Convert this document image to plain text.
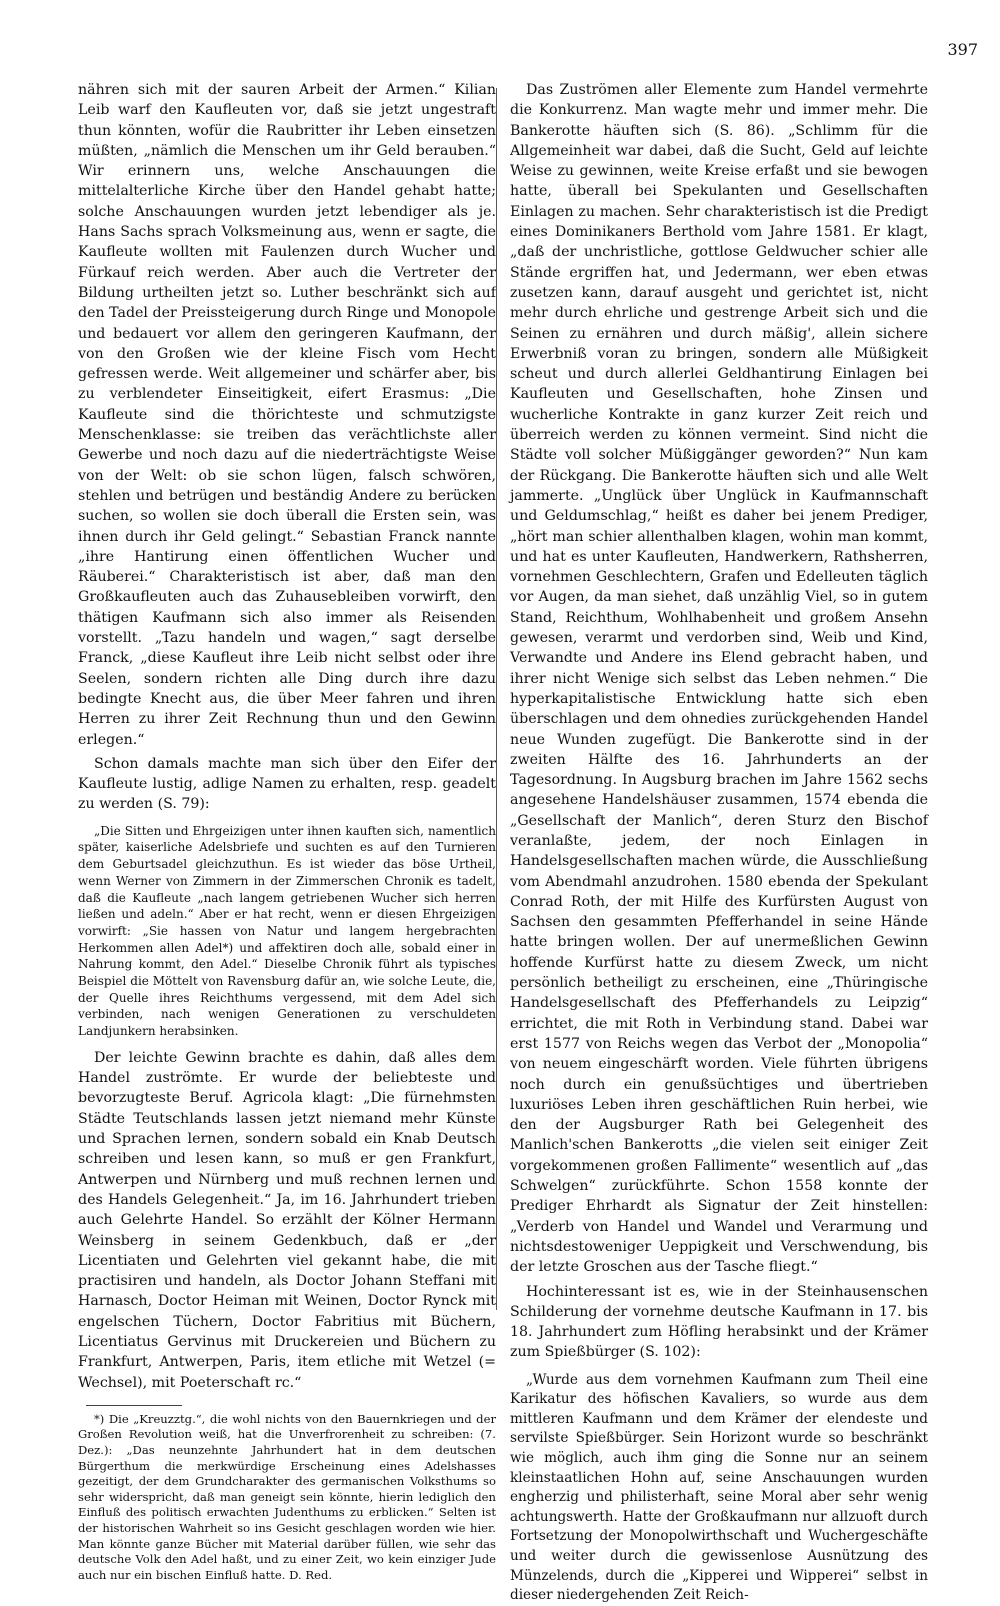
397

nähren sich mit der sauren Arbeit der Armen.“ Kilian Leib warf den Kaufleuten vor, daß sie jetzt ungestraft thun könnten, wofür die Raubritter ihr Leben einsetzen müßten, „nämlich die Menschen um ihr Geld berauben.“ Wir erinnern uns, welche Anschauungen die mittelalterliche Kirche über den Handel gehabt hatte; solche Anschauungen wurden jetzt lebendiger als je. Hans Sachs sprach Volksmeinung aus, wenn er sagte, die Kaufleute wollten mit Faulenzen durch Wucher und Fürkauf reich werden. Aber auch die Vertreter der Bildung urtheilten jetzt so. Luther beschränkt sich auf den Tadel der Preissteigerung durch Ringe und Monopole und bedauert vor allem den geringeren Kaufmann, der von den Großen wie der kleine Fisch vom Hecht gefressen werde. Weit allgemeiner und schärfer aber, bis zu verblendeter Einseitigkeit, eifert Erasmus: „Die Kaufleute sind die thörichteste und schmutzigste Menschenklasse: sie treiben das verächtlichste aller Gewerbe und noch dazu auf die niederträchtigste Weise von der Welt: ob sie schon lügen, falsch schwören, stehlen und betrügen und beständig Andere zu berücken suchen, so wollen sie doch überall die Ersten sein, was ihnen durch ihr Geld gelingt.“ Sebastian Franck nannte „ihre Hantirung einen öffentlichen Wucher und Räuberei.“ Charakteristisch ist aber, daß man den Großkaufleuten auch das Zuhausebleiben vorwirft, den thätigen Kaufmann sich also immer als Reisenden vorstellt. „Tazu handeln und wagen,“ sagt derselbe Franck, „diese Kaufleut ihre Leib nicht selbst oder ihre Seelen, sondern richten alle Ding durch ihre dazu bedingte Knecht aus, die über Meer fahren und ihren Herren zu ihrer Zeit Rechnung thun und den Gewinn erlegen.“

Schon damals machte man sich über den Eifer der Kaufleute lustig, adlige Namen zu erhalten, resp. geadelt zu werden (S. 79):

„Die Sitten und Ehrgeizigen unter ihnen kauften sich, namentlich später, kaiserliche Adelsbriefe und suchten es auf den Turnieren dem Geburtsadel gleichzuthun. Es ist wieder das böse Urtheil, wenn Werner von Zimmern in der Zimmerschen Chronik es tadelt, daß die Kaufleute „nach langem getriebenen Wucher sich herren ließen und adeln.“ Aber er hat recht, wenn er diesen Ehrgeizigen vorwirft: „Sie hassen von Natur und langem hergebrachten Herkommen allen Adel*) und affektiren doch alle, sobald einer in Nahrung kommt, den Adel.“ Dieselbe Chronik führt als typisches Beispiel die Möttelt von Ravensburg dafür an, wie solche Leute, die, der Quelle ihres Reichthums vergessend, mit dem Adel sich verbinden, nach wenigen Generationen zu verschuldeten Landjunkern herabsinken.

Der leichte Gewinn brachte es dahin, daß alles dem Handel zuströmte. Er wurde der beliebteste und bevorzugteste Beruf. Agricola klagt: „Die fürnehmsten Städte Teutschlands lassen jetzt niemand mehr Künste und Sprachen lernen, sondern sobald ein Knab Deutsch schreiben und lesen kann, so muß er gen Frankfurt, Antwerpen und Nürnberg und muß rechnen lernen und des Handels Gelegenheit.“ Ja, im 16. Jahrhundert trieben auch Gelehrte Handel. So erzählt der Kölner Hermann Weinsberg in seinem Gedenkbuch, daß er „der Licentiaten und Gelehrten viel gekannt habe, die mit practisiren und handeln, als Doctor Johann Steffani mit Harnasch, Doctor Heiman mit Weinen, Doctor Rynck mit engelschen Tüchern, Doctor Fabritius mit Büchern, Licentiatus Gervinus mit Druckereien und Büchern zu Frankfurt, Antwerpen, Paris, item etliche mit Wetzel (= Wechsel), mit Poeterschaft rc.“

*) Die „Kreuzztg.“, die wohl nichts von den Bauernkriegen und der Großen Revolution weiß, hat die Unverfrorenheit zu schreiben: (7. Dez.): „Das neunzehnte Jahrhundert hat in dem deutschen Bürgerthum die merkwürdige Erscheinung eines Adelshasses gezeitigt, der dem Grundcharakter des germanischen Volksthums so sehr widerspricht, daß man geneigt sein könnte, hierin lediglich den Einfluß des politisch erwachten Judenthums zu erblicken.“ Selten ist der historischen Wahrheit so ins Gesicht geschlagen worden wie hier. Man könnte ganze Bücher mit Material darüber füllen, wie sehr das deutsche Volk den Adel haßt, und zu einer Zeit, wo kein einziger Jude auch nur ein bischen Einfluß hatte. D. Red.

Das Zuströmen aller Elemente zum Handel vermehrte die Konkurrenz. Man wagte mehr und immer mehr. Die Bankerotte häuften sich (S. 86). „Schlimm für die Allgemeinheit war dabei, daß die Sucht, Geld auf leichte Weise zu gewinnen, weite Kreise erfaßt und sie bewogen hatte, überall bei Spekulanten und Gesellschaften Einlagen zu machen. Sehr charakteristisch ist die Predigt eines Dominikaners Berthold vom Jahre 1581. Er klagt, „daß der unchristliche, gottlose Geldwucher schier alle Stände ergriffen hat, und Jedermann, wer eben etwas zusetzen kann, darauf ausgeht und gerichtet ist, nicht mehr durch ehrliche und gestrenge Arbeit sich und die Seinen zu ernähren und durch mäßig', allein sichere Erwerbniß voran zu bringen, sondern alle Müßigkeit scheut und durch allerlei Geldhantirung Einlagen bei Kaufleuten und Gesellschaften, hohe Zinsen und wucherliche Kontrakte in ganz kurzer Zeit reich und überreich werden zu können vermeint. Sind nicht die Städte voll solcher Müßiggänger geworden?“ Nun kam der Rückgang. Die Bankerotte häuften sich und alle Welt jammerte. „Unglück über Unglück in Kaufmannschaft und Geldumschlag,“ heißt es daher bei jenem Prediger, „hört man schier allenthalben klagen, wohin man kommt, und hat es unter Kaufleuten, Handwerkern, Rathsherren, vornehmen Geschlechtern, Grafen und Edelleuten täglich vor Augen, da man siehet, daß unzählig Viel, so in gutem Stand, Reichthum, Wohlhabenheit und großem Ansehn gewesen, verarmt und verdorben sind, Weib und Kind, Verwandte und Andere ins Elend gebracht haben, und ihrer nicht Wenige sich selbst das Leben nehmen.“ Die hyperkapitalistische Entwicklung hatte sich eben überschlagen und dem ohnedies zurückgehenden Handel neue Wunden zugefügt. Die Bankerotte sind in der zweiten Hälfte des 16. Jahrhunderts an der Tagesordnung. In Augsburg brachen im Jahre 1562 sechs angesehene Handelshäuser zusammen, 1574 ebenda die „Gesellschaft der Manlich“, deren Sturz den Bischof veranlaßte, jedem, der noch Einlagen in Handelsgesellschaften machen würde, die Ausschließung vom Abendmahl anzudrohen. 1580 ebenda der Spekulant Conrad Roth, der mit Hilfe des Kurfürsten August von Sachsen den gesammten Pfefferhandel in seine Hände hatte bringen wollen. Der auf unermeßlichen Gewinn hoffende Kurfürst hatte zu diesem Zweck, um nicht persönlich betheiligt zu erscheinen, eine „Thüringische Handelsgesellschaft des Pfefferhandels zu Leipzig“ errichtet, die mit Roth in Verbindung stand. Dabei war erst 1577 von Reichs wegen das Verbot der „Monopolia“ von neuem eingeschärft worden. Viele führten übrigens noch durch ein genußsüchtiges und übertrieben luxuriöses Leben ihren geschäftlichen Ruin herbei, wie den der Augsburger Rath bei Gelegenheit des Manlich'schen Bankerotts „die vielen seit einiger Zeit vorgekommenen großen Fallimente“ wesentlich auf „das Schwelgen“ zurückführte. Schon 1558 konnte der Prediger Ehrhardt als Signatur der Zeit hinstellen: „Verderb von Handel und Wandel und Verarmung und nichtsdestoweniger Ueppigkeit und Verschwendung, bis der letzte Groschen aus der Tasche fliegt.“

Hochinteressant ist es, wie in der Steinhausenschen Schilderung der vornehme deutsche Kaufmann in 17. bis 18. Jahrhundert zum Höfling herabsinkt und der Krämer zum Spießbürger (S. 102):

„Wurde aus dem vornehmen Kaufmann zum Theil eine Karikatur des höfischen Kavaliers, so wurde aus dem mittleren Kaufmann und dem Krämer der elendeste und servilste Spießbürger. Sein Horizont wurde so beschränkt wie möglich, auch ihm ging die Sonne nur an seinem kleinstaatlichen Hohn auf, seine Anschauungen wurden engherzig und philisterhaft, seine Moral aber sehr wenig achtungswerth. Hatte der Großkaufmann nur allzuoft durch Fortsetzung der Monopolwirthschaft und Wuchergeschäfte und weiter durch die gewissenlose Ausnützung des Münzelends, durch die „Kipperei und Wipperei“ selbst in dieser niedergehenden Zeit Reich-
